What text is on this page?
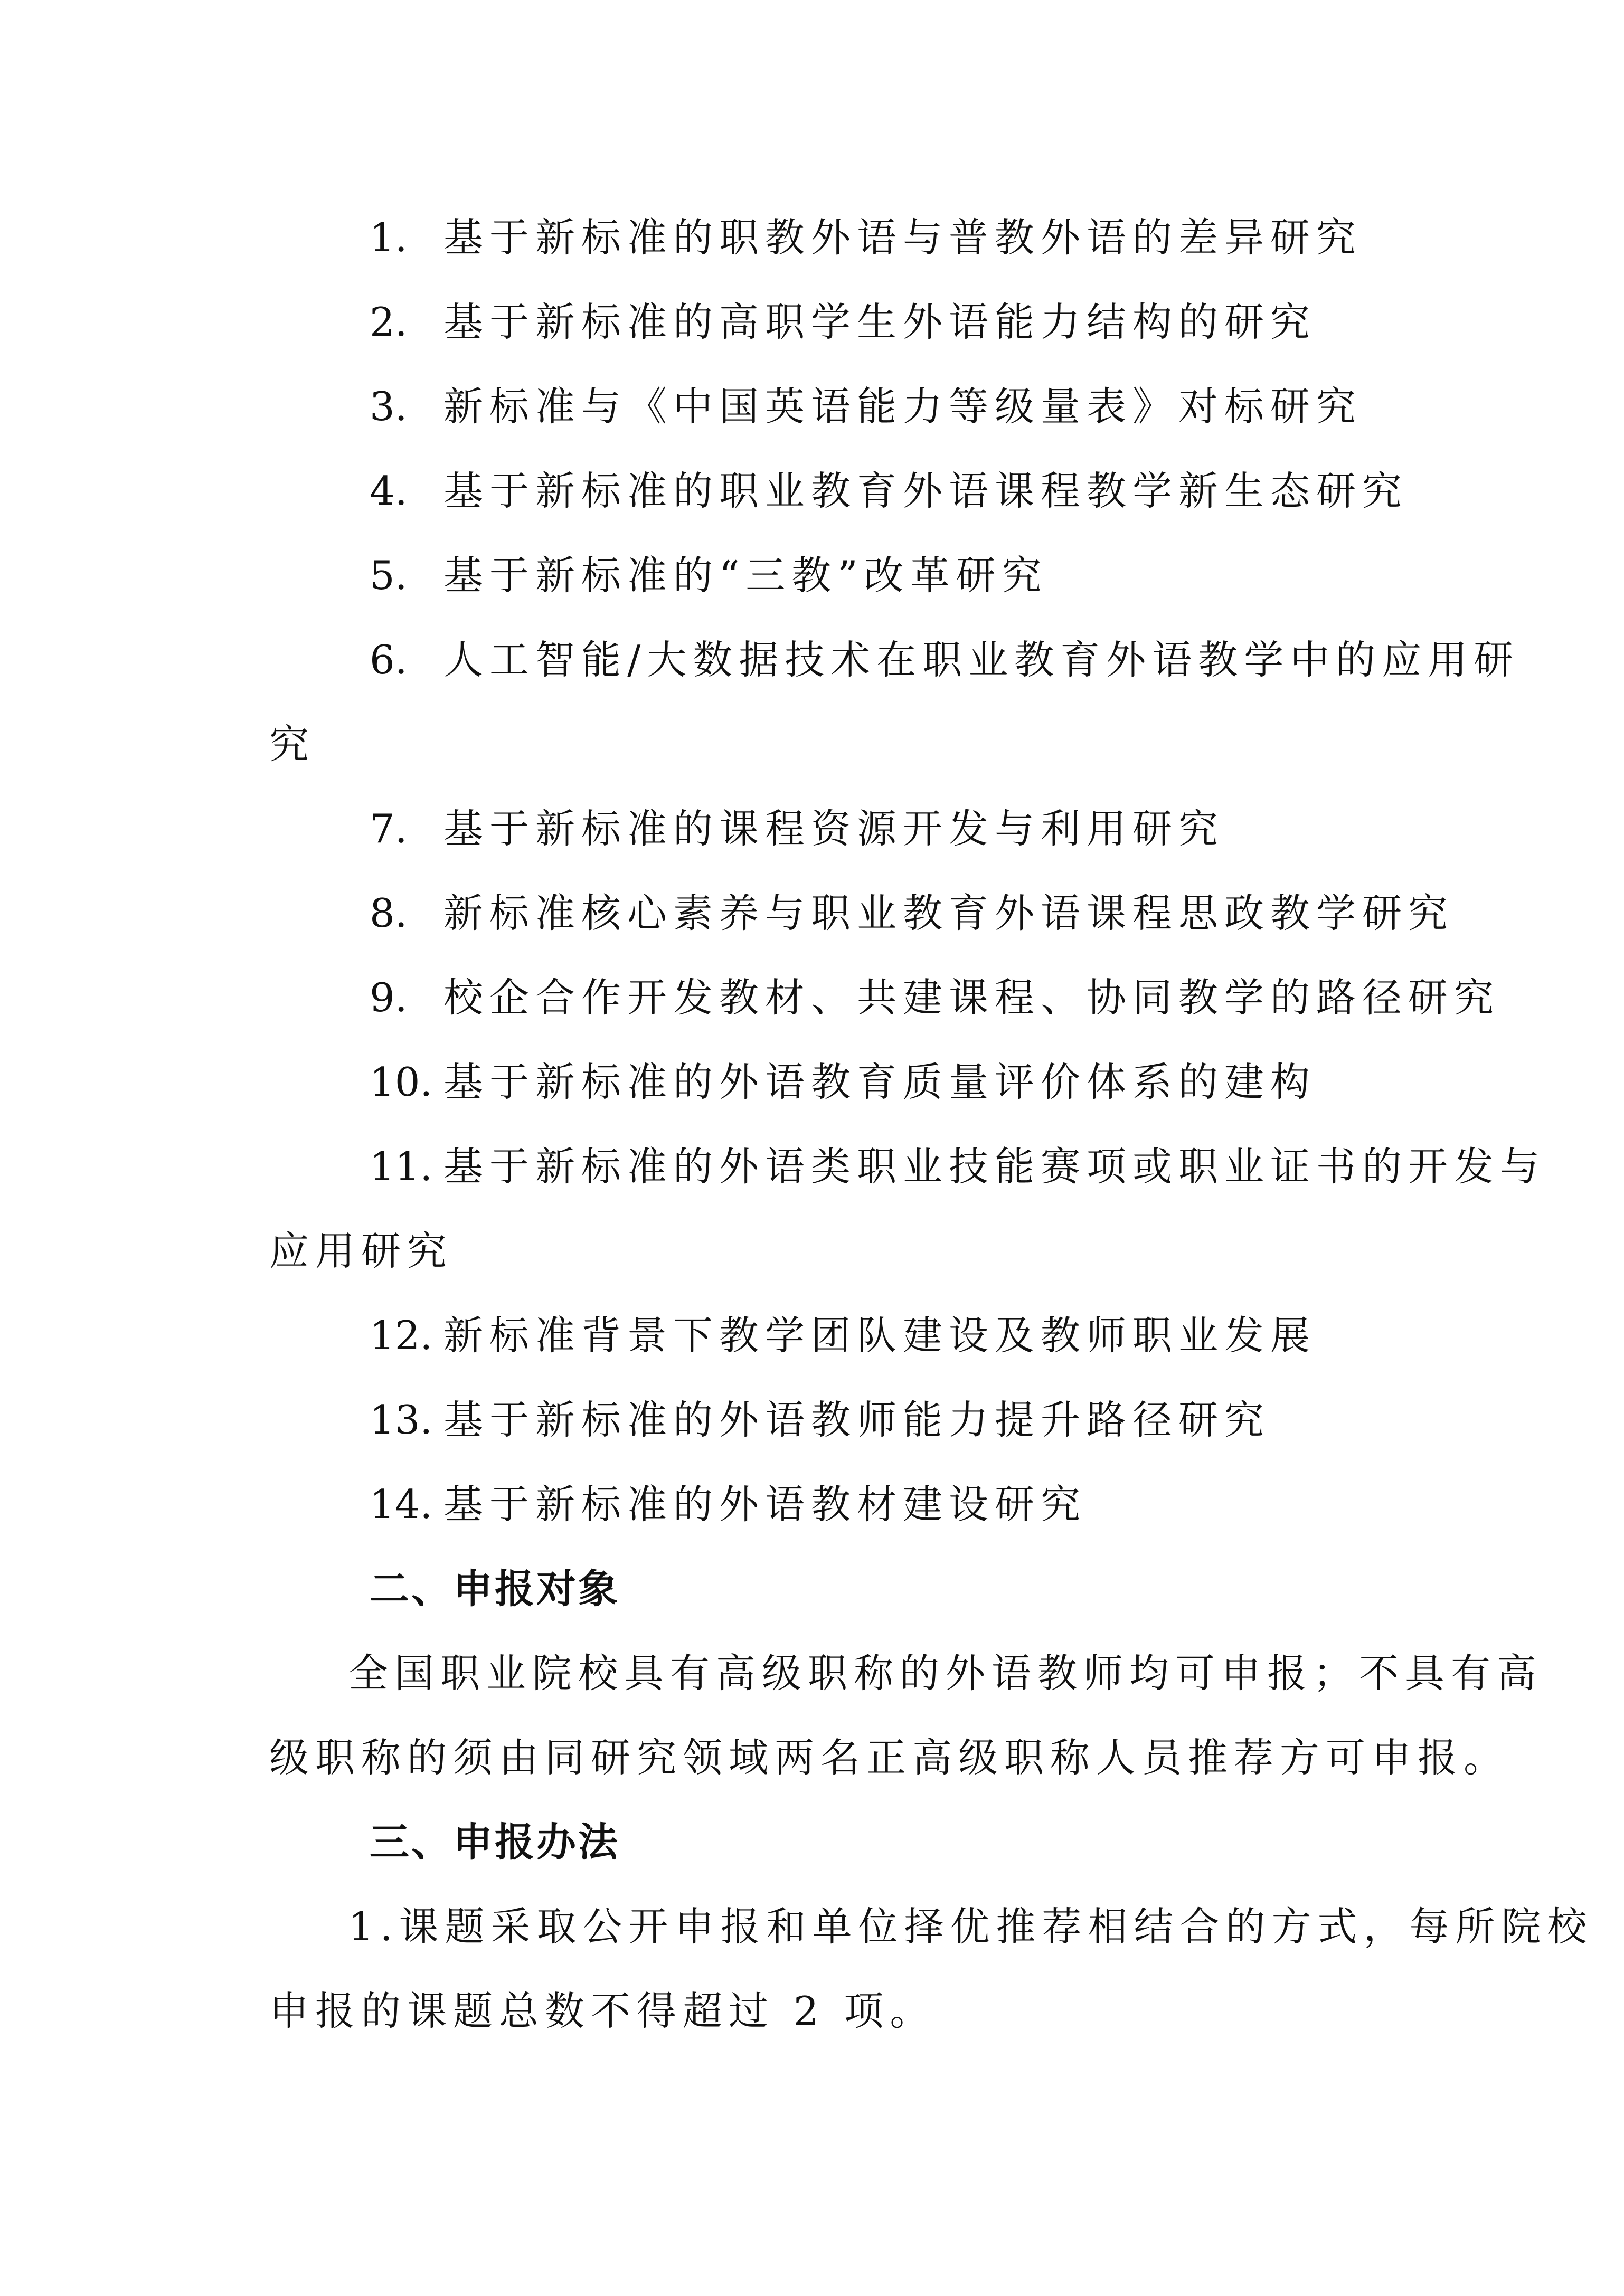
1. 基于新标准的职教外语与普教外语的差异研究
2. 基于新标准的高职学生外语能力结构的研究
3. 新标准与《中国英语能力等级量表》对标研究
4. 基于新标准的职业教育外语课程教学新生态研究
5. 基于新标准的“三教”改革研究
6. 人工智能/大数据技术在职业教育外语教学中的应用研
究
7. 基于新标准的课程资源开发与利用研究
8. 新标准核心素养与职业教育外语课程思政教学研究
9. 校企合作开发教材、共建课程、协同教学的路径研究
10. 基于新标准的外语教育质量评价体系的建构
11. 基于新标准的外语类职业技能赛项或职业证书的开发与
应用研究
12. 新标准背景下教学团队建设及教师职业发展
13. 基于新标准的外语教师能力提升路径研究
14. 基于新标准的外语教材建设研究
二、申报对象
全国职业院校具有高级职称的外语教师均可申报；不具有高
级职称的须由同研究领域两名正高级职称人员推荐方可申报。
三、申报办法
1.课题采取公开申报和单位择优推荐相结合的方式，每所院校
申报的课题总数不得超过 2 项。
